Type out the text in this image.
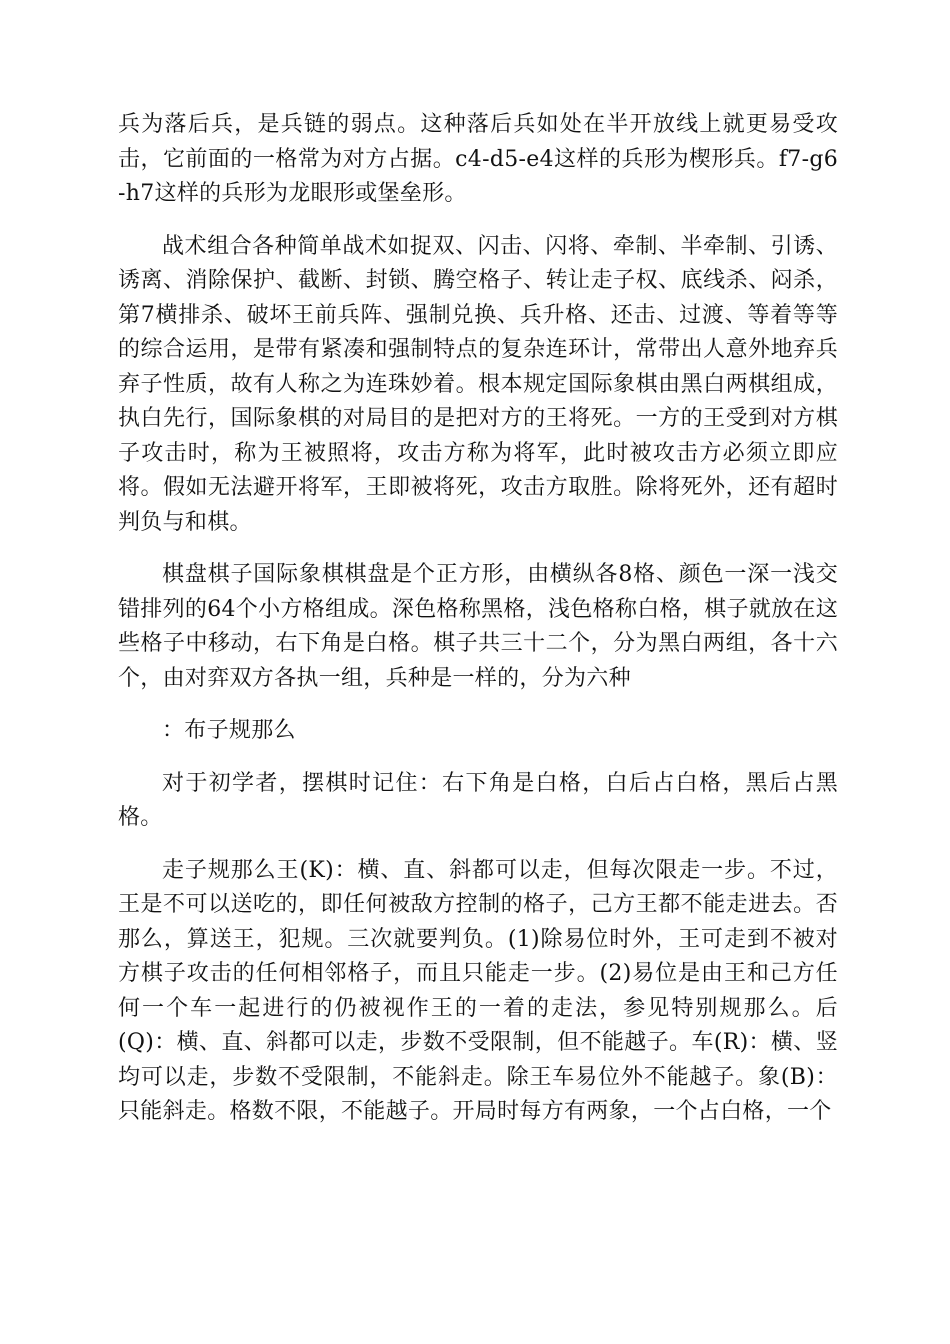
兵为落后兵，是兵链的弱点。这种落后兵如处在半开放线上就更易受攻击，它前面的一格常为对方占据。c4-d5-e4这样的兵形为楔形兵。f7-g6-h7这样的兵形为龙眼形或堡垒形。

战术组合各种简单战术如捉双、闪击、闪将、牵制、半牵制、引诱、诱离、消除保护、截断、封锁、腾空格子、转让走子权、底线杀、闷杀，第7横排杀、破坏王前兵阵、强制兑换、兵升格、还击、过渡、等着等等的综合运用，是带有紧凑和强制特点的复杂连环计，常带出人意外地弃兵弃子性质，故有人称之为连珠妙着。根本规定国际象棋由黑白两棋组成，执白先行，国际象棋的对局目的是把对方的王将死。一方的王受到对方棋子攻击时，称为王被照将，攻击方称为将军，此时被攻击方必须立即应将。假如无法避开将军，王即被将死，攻击方取胜。除将死外，还有超时判负与和棋。

棋盘棋子国际象棋棋盘是个正方形，由横纵各8格、颜色一深一浅交错排列的64个小方格组成。深色格称黑格，浅色格称白格，棋子就放在这些格子中移动，右下角是白格。棋子共三十二个，分为黑白两组，各十六个，由对弈双方各执一组，兵种是一样的，分为六种

：布子规那么

对于初学者，摆棋时记住：右下角是白格，白后占白格，黑后占黑格。

走子规那么王(K)：横、直、斜都可以走，但每次限走一步。不过，王是不可以送吃的，即任何被敌方控制的格子，己方王都不能走进去。否那么，算送王，犯规。三次就要判负。(1)除易位时外，王可走到不被对方棋子攻击的任何相邻格子，而且只能走一步。(2)易位是由王和己方任何一个车一起进行的仍被视作王的一着的走法，参见特别规那么。后(Q)：横、直、斜都可以走，步数不受限制，但不能越子。车(R)：横、竖均可以走，步数不受限制，不能斜走。除王车易位外不能越子。象(B)：只能斜走。格数不限，不能越子。开局时每方有两象，一个占白格，一个
